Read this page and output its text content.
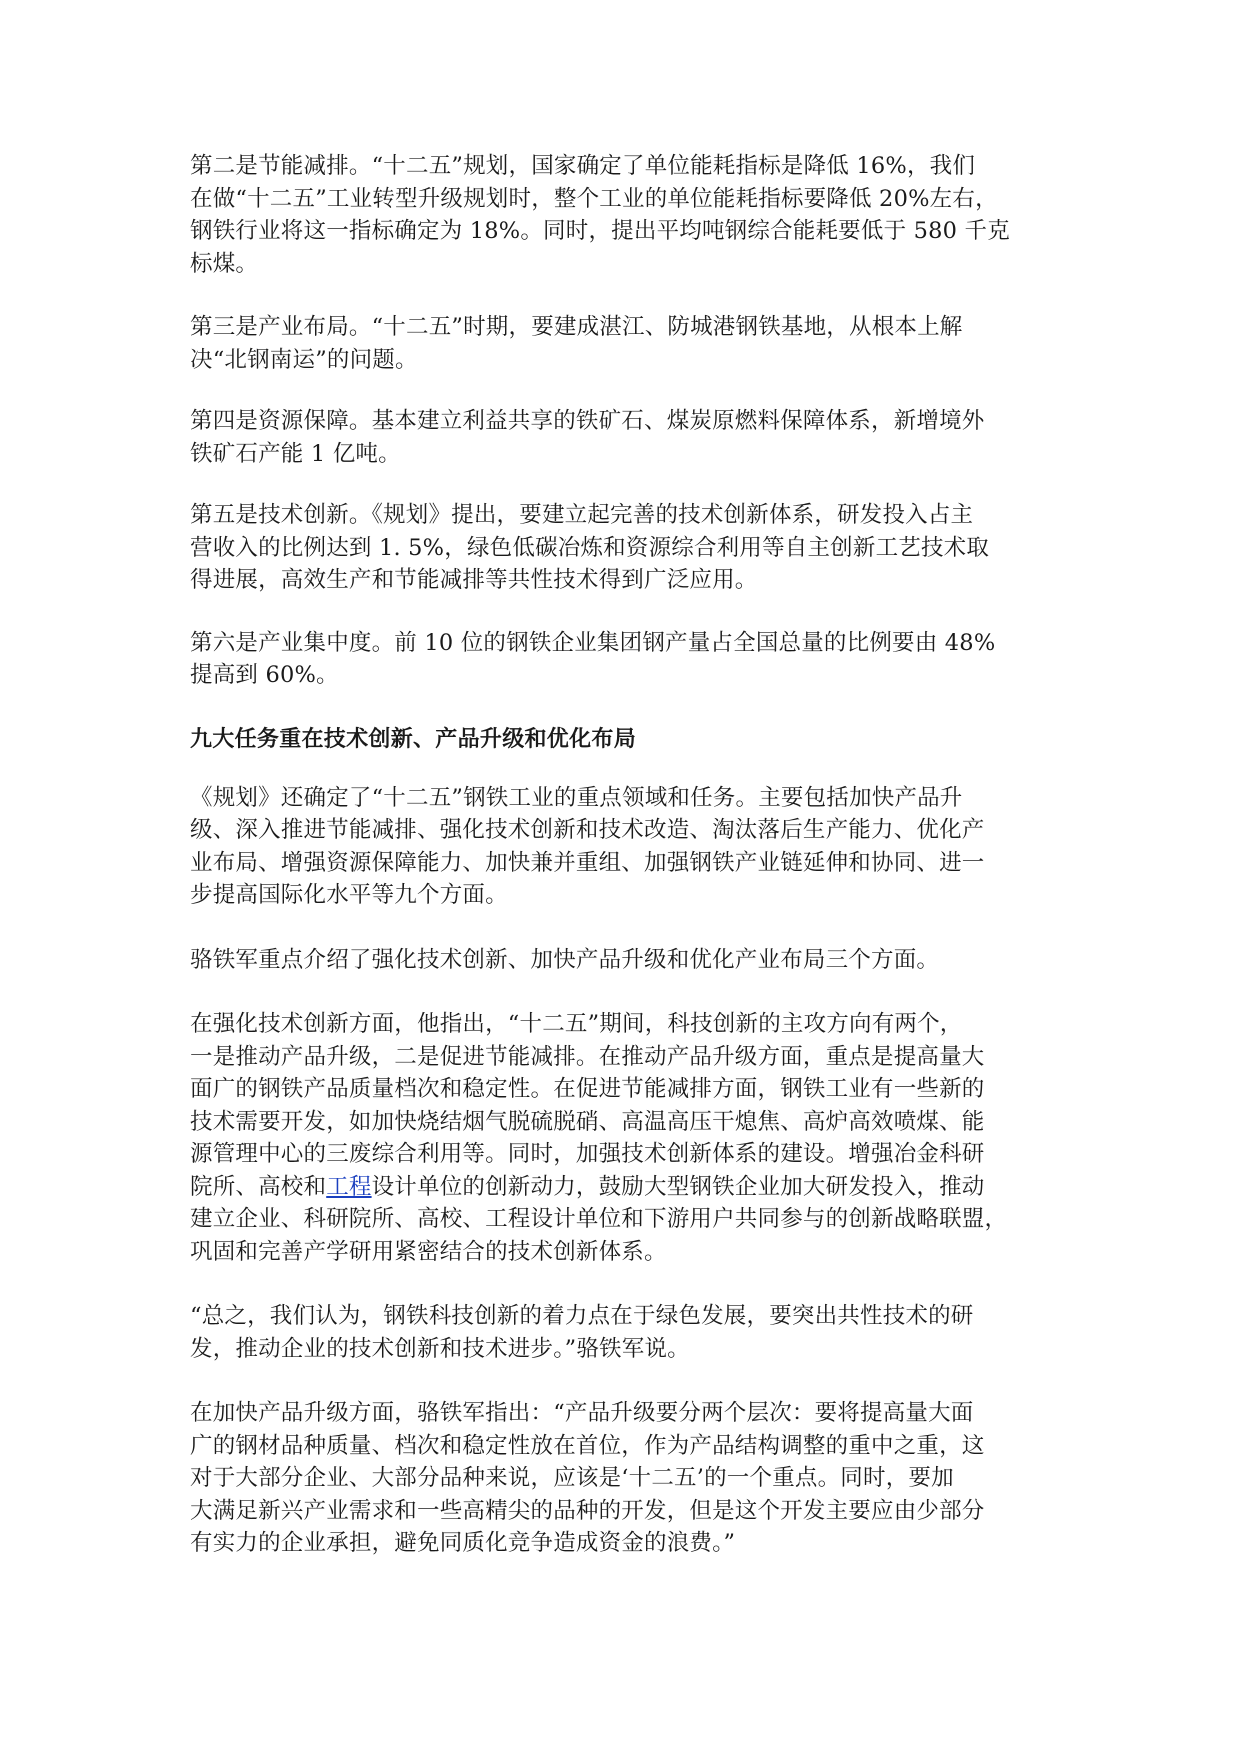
第二是节能减排。“十二五”规划，国家确定了单位能耗指标是降低 16%，我们
在做“十二五”工业转型升级规划时，整个工业的单位能耗指标要降低 20%左右，
钢铁行业将这一指标确定为 18%。同时，提出平均吨钢综合能耗要低于 580 千克
标煤。

第三是产业布局。“十二五”时期，要建成湛江、防城港钢铁基地，从根本上解
决“北钢南运”的问题。

第四是资源保障。基本建立利益共享的铁矿石、煤炭原燃料保障体系，新增境外
铁矿石产能 1 亿吨。

第五是技术创新。《规划》提出，要建立起完善的技术创新体系，研发投入占主
营收入的比例达到 1. 5%，绿色低碳冶炼和资源综合利用等自主创新工艺技术取
得进展，高效生产和节能减排等共性技术得到广泛应用。

第六是产业集中度。前 10 位的钢铁企业集团钢产量占全国总量的比例要由 48%
提高到 60%。

九大任务重在技术创新、产品升级和优化布局

《规划》还确定了“十二五”钢铁工业的重点领域和任务。主要包括加快产品升
级、深入推进节能减排、强化技术创新和技术改造、淘汰落后生产能力、优化产
业布局、增强资源保障能力、加快兼并重组、加强钢铁产业链延伸和协同、进一
步提高国际化水平等九个方面。

骆铁军重点介绍了强化技术创新、加快产品升级和优化产业布局三个方面。

在强化技术创新方面，他指出，“十二五”期间，科技创新的主攻方向有两个，
一是推动产品升级，二是促进节能减排。在推动产品升级方面，重点是提高量大
面广的钢铁产品质量档次和稳定性。在促进节能减排方面，钢铁工业有一些新的
技术需要开发，如加快烧结烟气脱硫脱硝、高温高压干熄焦、高炉高效喷煤、能
源管理中心的三废综合利用等。同时，加强技术创新体系的建设。增强冶金科研
院所、高校和工程设计单位的创新动力，鼓励大型钢铁企业加大研发投入，推动
建立企业、科研院所、高校、工程设计单位和下游用户共同参与的创新战略联盟，
巩固和完善产学研用紧密结合的技术创新体系。

“总之，我们认为，钢铁科技创新的着力点在于绿色发展，要突出共性技术的研
发，推动企业的技术创新和技术进步。”骆铁军说。

在加快产品升级方面，骆铁军指出：“产品升级要分两个层次：要将提高量大面
广的钢材品种质量、档次和稳定性放在首位，作为产品结构调整的重中之重，这
对于大部分企业、大部分品种来说，应该是‘十二五’的一个重点。同时，要加
大满足新兴产业需求和一些高精尖的品种的开发，但是这个开发主要应由少部分
有实力的企业承担，避免同质化竞争造成资金的浪费。”
